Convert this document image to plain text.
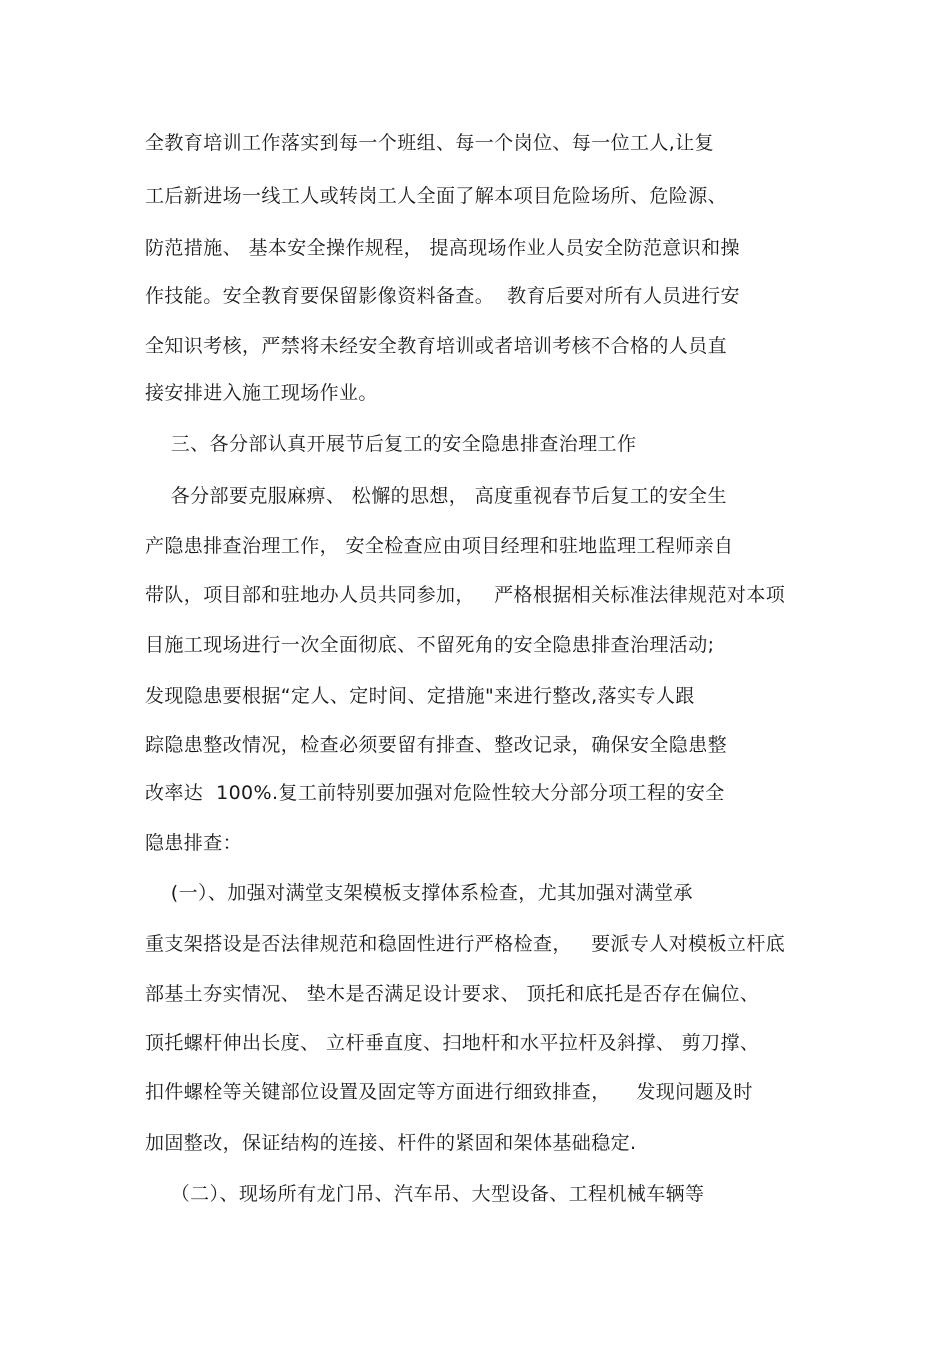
全教育培训工作落实到每一个班组、每一个岗位、每一位工人,让复
工后新进场一线工人或转岗工人全面了解本项目危险场所、危险源、
防范措施、 基本安全操作规程， 提高现场作业人员安全防范意识和操
作技能。安全教育要保留影像资料备查。  教育后要对所有人员进行安
全知识考核，严禁将未经安全教育培训或者培训考核不合格的人员直
接安排进入施工现场作业。
三、各分部认真开展节后复工的安全隐患排查治理工作
各分部要克服麻痹、 松懈的思想， 高度重视春节后复工的安全生
产隐患排查治理工作， 安全检查应由项目经理和驻地监理工程师亲自
带队，项目部和驻地办人员共同参加，   严格根据相关标准法律规范对本项
目施工现场进行一次全面彻底、不留死角的安全隐患排查治理活动;
发现隐患要根据“定人、定时间、定措施"来进行整改,落实专人跟
踪隐患整改情况，检查必须要留有排查、整改记录，确保安全隐患整
改率达  100%.复工前特别要加强对危险性较大分部分项工程的安全
隐患排查：
(一）、加强对满堂支架模板支撑体系检查，尤其加强对满堂承
重支架搭设是否法律规范和稳固性进行严格检查，   要派专人对模板立杆底
部基土夯实情况、 垫木是否满足设计要求、 顶托和底托是否存在偏位、
顶托螺杆伸出长度、 立杆垂直度、扫地杆和水平拉杆及斜撑、 剪刀撑、
扣件螺栓等关键部位设置及固定等方面进行细致排查，    发现问题及时
加固整改，保证结构的连接、杆件的紧固和架体基础稳定.
（二）、现场所有龙门吊、汽车吊、大型设备、工程机械车辆等
